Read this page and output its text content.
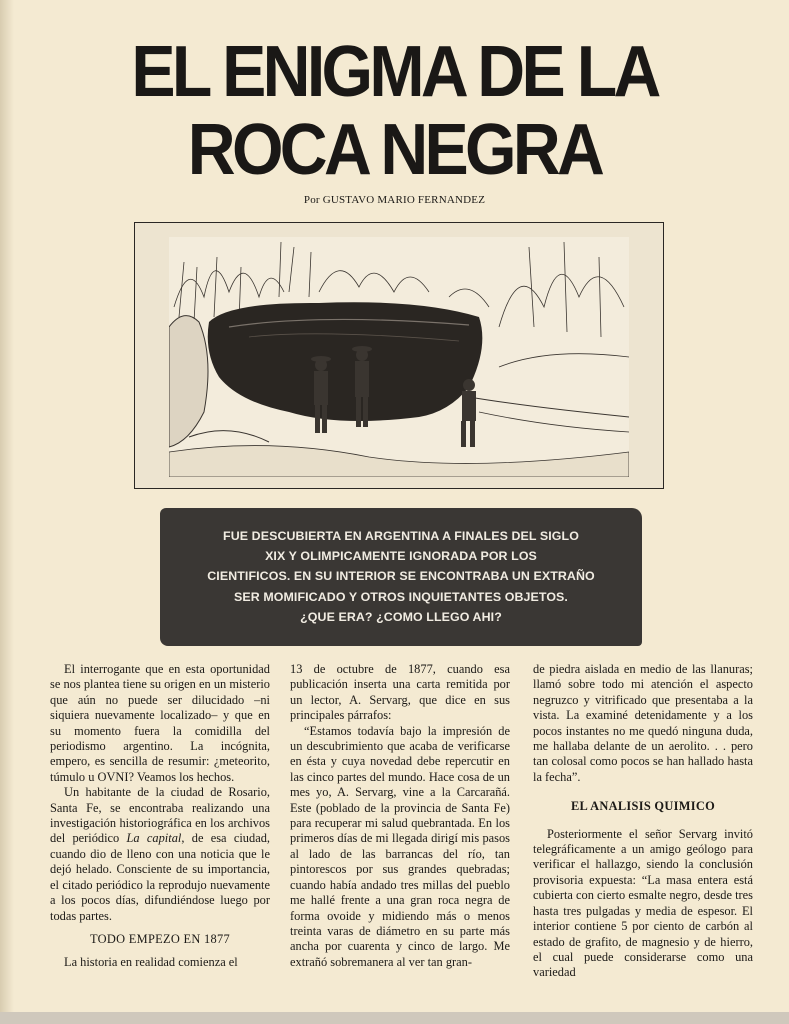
EL ENIGMA DE LA
ROCA NEGRA
Por GUSTAVO MARIO FERNANDEZ
FUE DESCUBIERTA EN ARGENTINA A FINALES DEL SIGLO
XIX Y OLIMPICAMENTE IGNORADA POR LOS
CIENTIFICOS. EN SU INTERIOR SE ENCONTRABA UN EXTRAÑO
SER MOMIFICADO Y OTROS INQUIETANTES OBJETOS.
¿QUE ERA? ¿COMO LLEGO AHI?

El interrogante que en esta oportunidad se nos plantea tiene su origen en un misterio que aún no puede ser dilucidado –ni siquiera nuevamente localizado– y que en su momento fuera la comidilla del periodismo argentino. La incógnita, empero, es sencilla de resumir: ¿meteorito, túmulo u OVNI? Veamos los hechos.

Un habitante de la ciudad de Rosario, Santa Fe, se encontraba realizando una investigación historiográfica en los archivos del periódico La capital, de esa ciudad, cuando dio de lleno con una noticia que le dejó helado. Consciente de su importancia, el citado periódico la reprodujo nuevamente a los pocos días, difundiéndose luego por todas partes.

TODO EMPEZO EN 1877

La historia en realidad comienza el

13 de octubre de 1877, cuando esa publicación inserta una carta remitida por un lector, A. Servarg, que dice en sus principales párrafos:

“Estamos todavía bajo la impresión de un descubrimiento que acaba de verificarse en ésta y cuya novedad debe repercutir en las cinco partes del mundo. Hace cosa de un mes yo, A. Servarg, vine a la Carcarañá. Este (poblado de la provincia de Santa Fe) para recuperar mi salud quebrantada. En los primeros días de mi llegada dirigí mis pasos al lado de las barrancas del río, tan pintorescos por sus grandes quebradas; cuando había andado tres millas del pueblo me hallé frente a una gran roca negra de forma ovoide y midiendo más o menos treinta varas de diámetro en su parte más ancha por cuarenta y cinco de largo. Me extrañó sobremanera al ver tan gran-

de piedra aislada en medio de las llanuras; llamó sobre todo mi atención el aspecto negruzco y vitrificado que presentaba a la vista. La examiné detenidamente y a los pocos instantes no me quedó ninguna duda, me hallaba delante de un aerolito. . . pero tan colosal como pocos se han hallado hasta la fecha”.

EL ANALISIS QUIMICO

Posteriormente el señor Servarg invitó telegráficamente a un amigo geólogo para verificar el hallazgo, siendo la conclusión provisoria expuesta: “La masa entera está cubierta con cierto esmalte negro, desde tres hasta tres pulgadas y media de espesor. El interior contiene 5 por ciento de carbón al estado de grafito, de magnesio y de hierro, el cual puede considerarse como una variedad
